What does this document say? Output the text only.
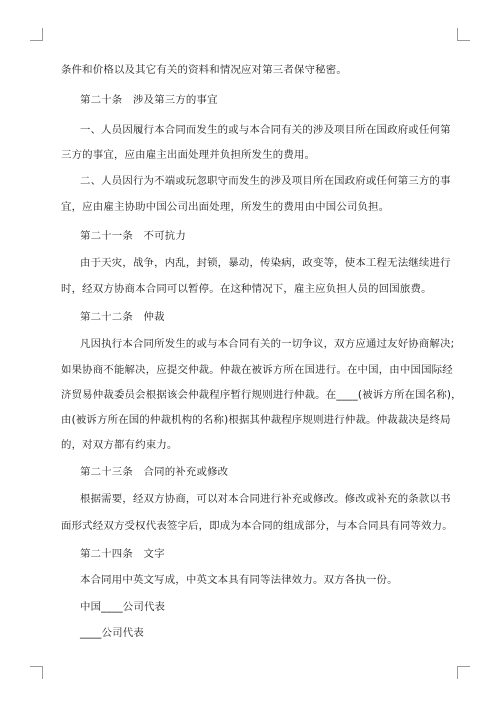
条件和价格以及其它有关的资料和情况应对第三者保守秘密。
第二十条　涉及第三方的事宜
一、人员因履行本合同而发生的或与本合同有关的涉及项目所在国政府或任何第
三方的事宜，应由雇主出面处理并负担所发生的费用。
二、人员因行为不端或玩忽职守而发生的涉及项目所在国政府或任何第三方的事
宜，应由雇主协助中国公司出面处理，所发生的费用由中国公司负担。
第二十一条　不可抗力
由于天灾，战争，内乱，封锁，暴动，传染病，政变等，使本工程无法继续进行
时，经双方协商本合同可以暂停。在这种情况下，雇主应负担人员的回国旅费。
第二十二条　仲裁
凡因执行本合同所发生的或与本合同有关的一切争议，双方应通过友好协商解决;
如果协商不能解决，应提交仲裁。仲裁在被诉方所在国进行。在中国，由中国国际经
济贸易仲裁委员会根据该会仲裁程序暂行规则进行仲裁。在____(被诉方所在国名称)，
由(被诉方所在国的仲裁机构的名称)根据其仲裁程序规则进行仲裁。仲裁裁决是终局
的，对双方都有约束力。
第二十三条　合同的补充或修改
根据需要，经双方协商，可以对本合同进行补充或修改。修改或补充的条款以书
面形式经双方受权代表签字后，即成为本合同的组成部分，与本合同具有同等效力。
第二十四条　文字
本合同用中英文写成，中英文本具有同等法律效力。双方各执一份。
中国____公司代表
____公司代表
